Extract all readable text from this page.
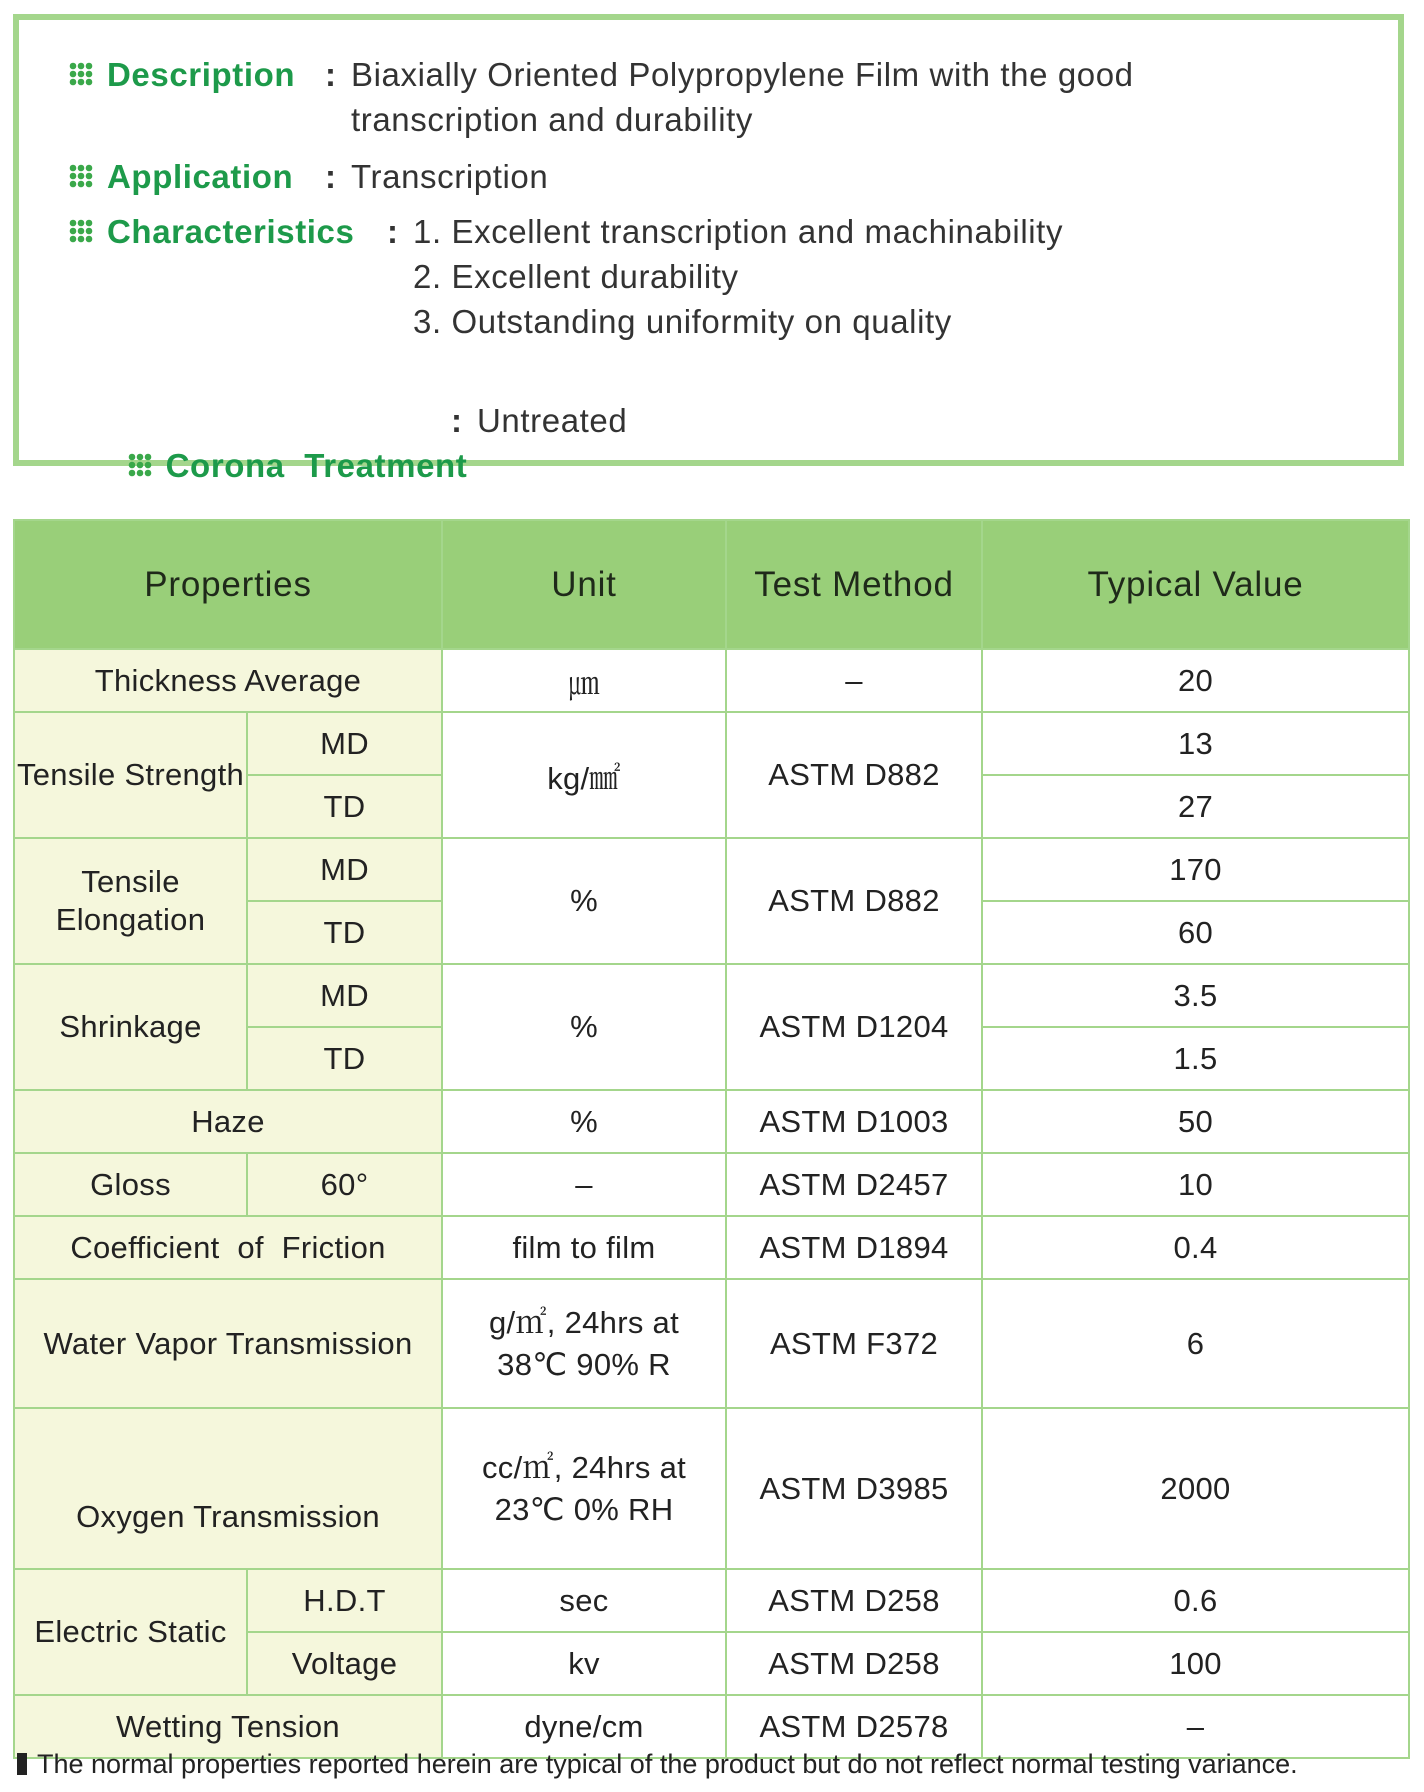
Description : Biaxially Oriented Polypropylene Film with the good
transcription and durability
Application : Transcription
Characteristics : 1. Excellent transcription and machinability
2. Excellent durability
3. Outstanding uniformity on quality

Corona  Treatment

: Untreated
Properties		Unit	Test Method	Typical Value
Thickness Average		㎛	–	20
Tensile Strength	MD	kg/㎟	ASTM D882	13
	TD			27
Tensile Elongation	MD	%	ASTM D882	170
	TD			60
Shrinkage	MD	%	ASTM D1204	3.5
	TD			1.5
Haze		%	ASTM D1003	50
Gloss	60°	–	ASTM D2457	10
Coefficient  of  Friction		film to film	ASTM D1894	0.4
Water Vapor Transmission		g/㎡, 24hrs at
38℃ 90% R	ASTM F372	6
Oxygen Transmission		cc/㎡, 24hrs at
23℃ 0% RH	ASTM D3985	2000
Electric Static	H.D.T	sec	ASTM D258	0.6
	Voltage	kv	ASTM D258	100
Wetting Tension		dyne/cm	ASTM D2578	–
The normal properties reported herein are typical of the product but do not reflect normal testing variance.
